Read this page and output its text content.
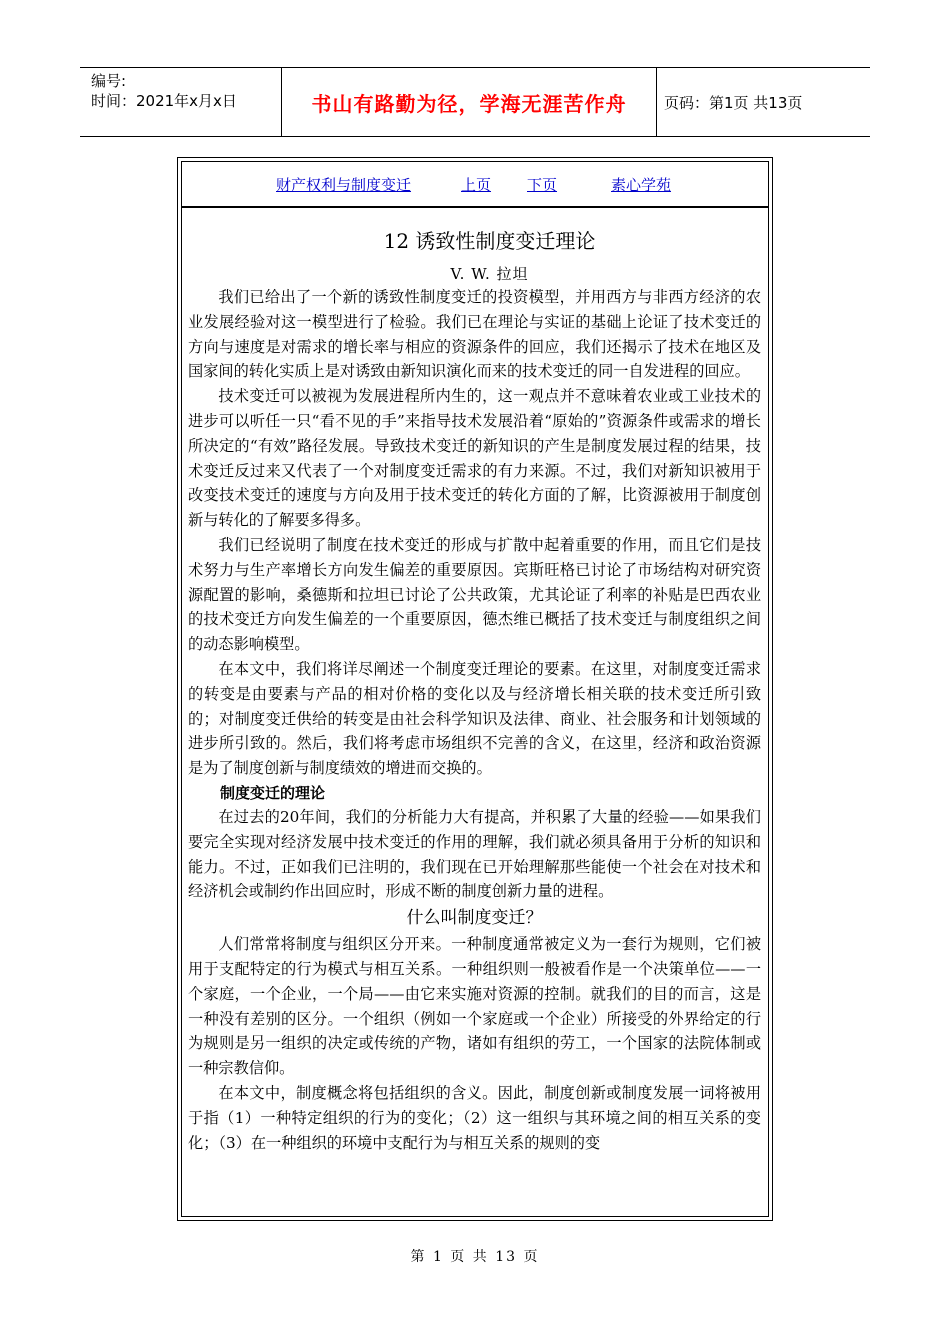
编号:
时间：2021年x月x日	书山有路勤为径，学海无涯苦作舟	页码：第1页 共13页
财产权利与制度变迁	上页 下页	素心学苑
12 诱致性制度变迁理论
V. W. 拉坦

我们已给出了一个新的诱致性制度变迁的投资模型，并用西方与非西方经济的农业发展经验对这一模型进行了检验。我们已在理论与实证的基础上论证了技术变迁的方向与速度是对需求的增长率与相应的资源条件的回应，我们还揭示了技术在地区及国家间的转化实质上是对诱致由新知识演化而来的技术变迁的同一自发进程的回应。

技术变迁可以被视为发展进程所内生的，这一观点并不意味着农业或工业技术的进步可以听任一只“看不见的手”来指导技术发展沿着“原始的”资源条件或需求的增长所决定的“有效”路径发展。导致技术变迁的新知识的产生是制度发展过程的结果，技术变迁反过来又代表了一个对制度变迁需求的有力来源。不过，我们对新知识被用于改变技术变迁的速度与方向及用于技术变迁的转化方面的了解，比资源被用于制度创新与转化的了解要多得多。

我们已经说明了制度在技术变迁的形成与扩散中起着重要的作用，而且它们是技术努力与生产率增长方向发生偏差的重要原因。宾斯旺格已讨论了市场结构对研究资源配置的影响，桑德斯和拉坦已讨论了公共政策，尤其论证了利率的补贴是巴西农业的技术变迁方向发生偏差的一个重要原因，德杰维已概括了技术变迁与制度组织之间的动态影响模型。

在本文中，我们将详尽阐述一个制度变迁理论的要素。在这里，对制度变迁需求的转变是由要素与产品的相对价格的变化以及与经济增长相关联的技术变迁所引致的；对制度变迁供给的转变是由社会科学知识及法律、商业、社会服务和计划领域的进步所引致的。然后，我们将考虑市场组织不完善的含义，在这里，经济和政治资源是为了制度创新与制度绩效的增进而交换的。

制度变迁的理论

在过去的20年间，我们的分析能力大有提高，并积累了大量的经验——如果我们要完全实现对经济发展中技术变迁的作用的理解，我们就必须具备用于分析的知识和能力。不过，正如我们已注明的，我们现在已开始理解那些能使一个社会在对技术和经济机会或制约作出回应时，形成不断的制度创新力量的进程。

什么叫制度变迁？

人们常常将制度与组织区分开来。一种制度通常被定义为一套行为规则，它们被用于支配特定的行为模式与相互关系。一种组织则一般被看作是一个决策单位——一个家庭，一个企业，一个局——由它来实施对资源的控制。就我们的目的而言，这是一种没有差别的区分。一个组织（例如一个家庭或一个企业）所接受的外界给定的行为规则是另一组织的决定或传统的产物，诸如有组织的劳工，一个国家的法院体制或一种宗教信仰。

在本文中，制度概念将包括组织的含义。因此，制度创新或制度发展一词将被用于指（1）一种特定组织的行为的变化；（2）这一组织与其环境之间的相互关系的变化；（3）在一种组织的环境中支配行为与相互关系的规则的变

第 1 页 共 13 页
